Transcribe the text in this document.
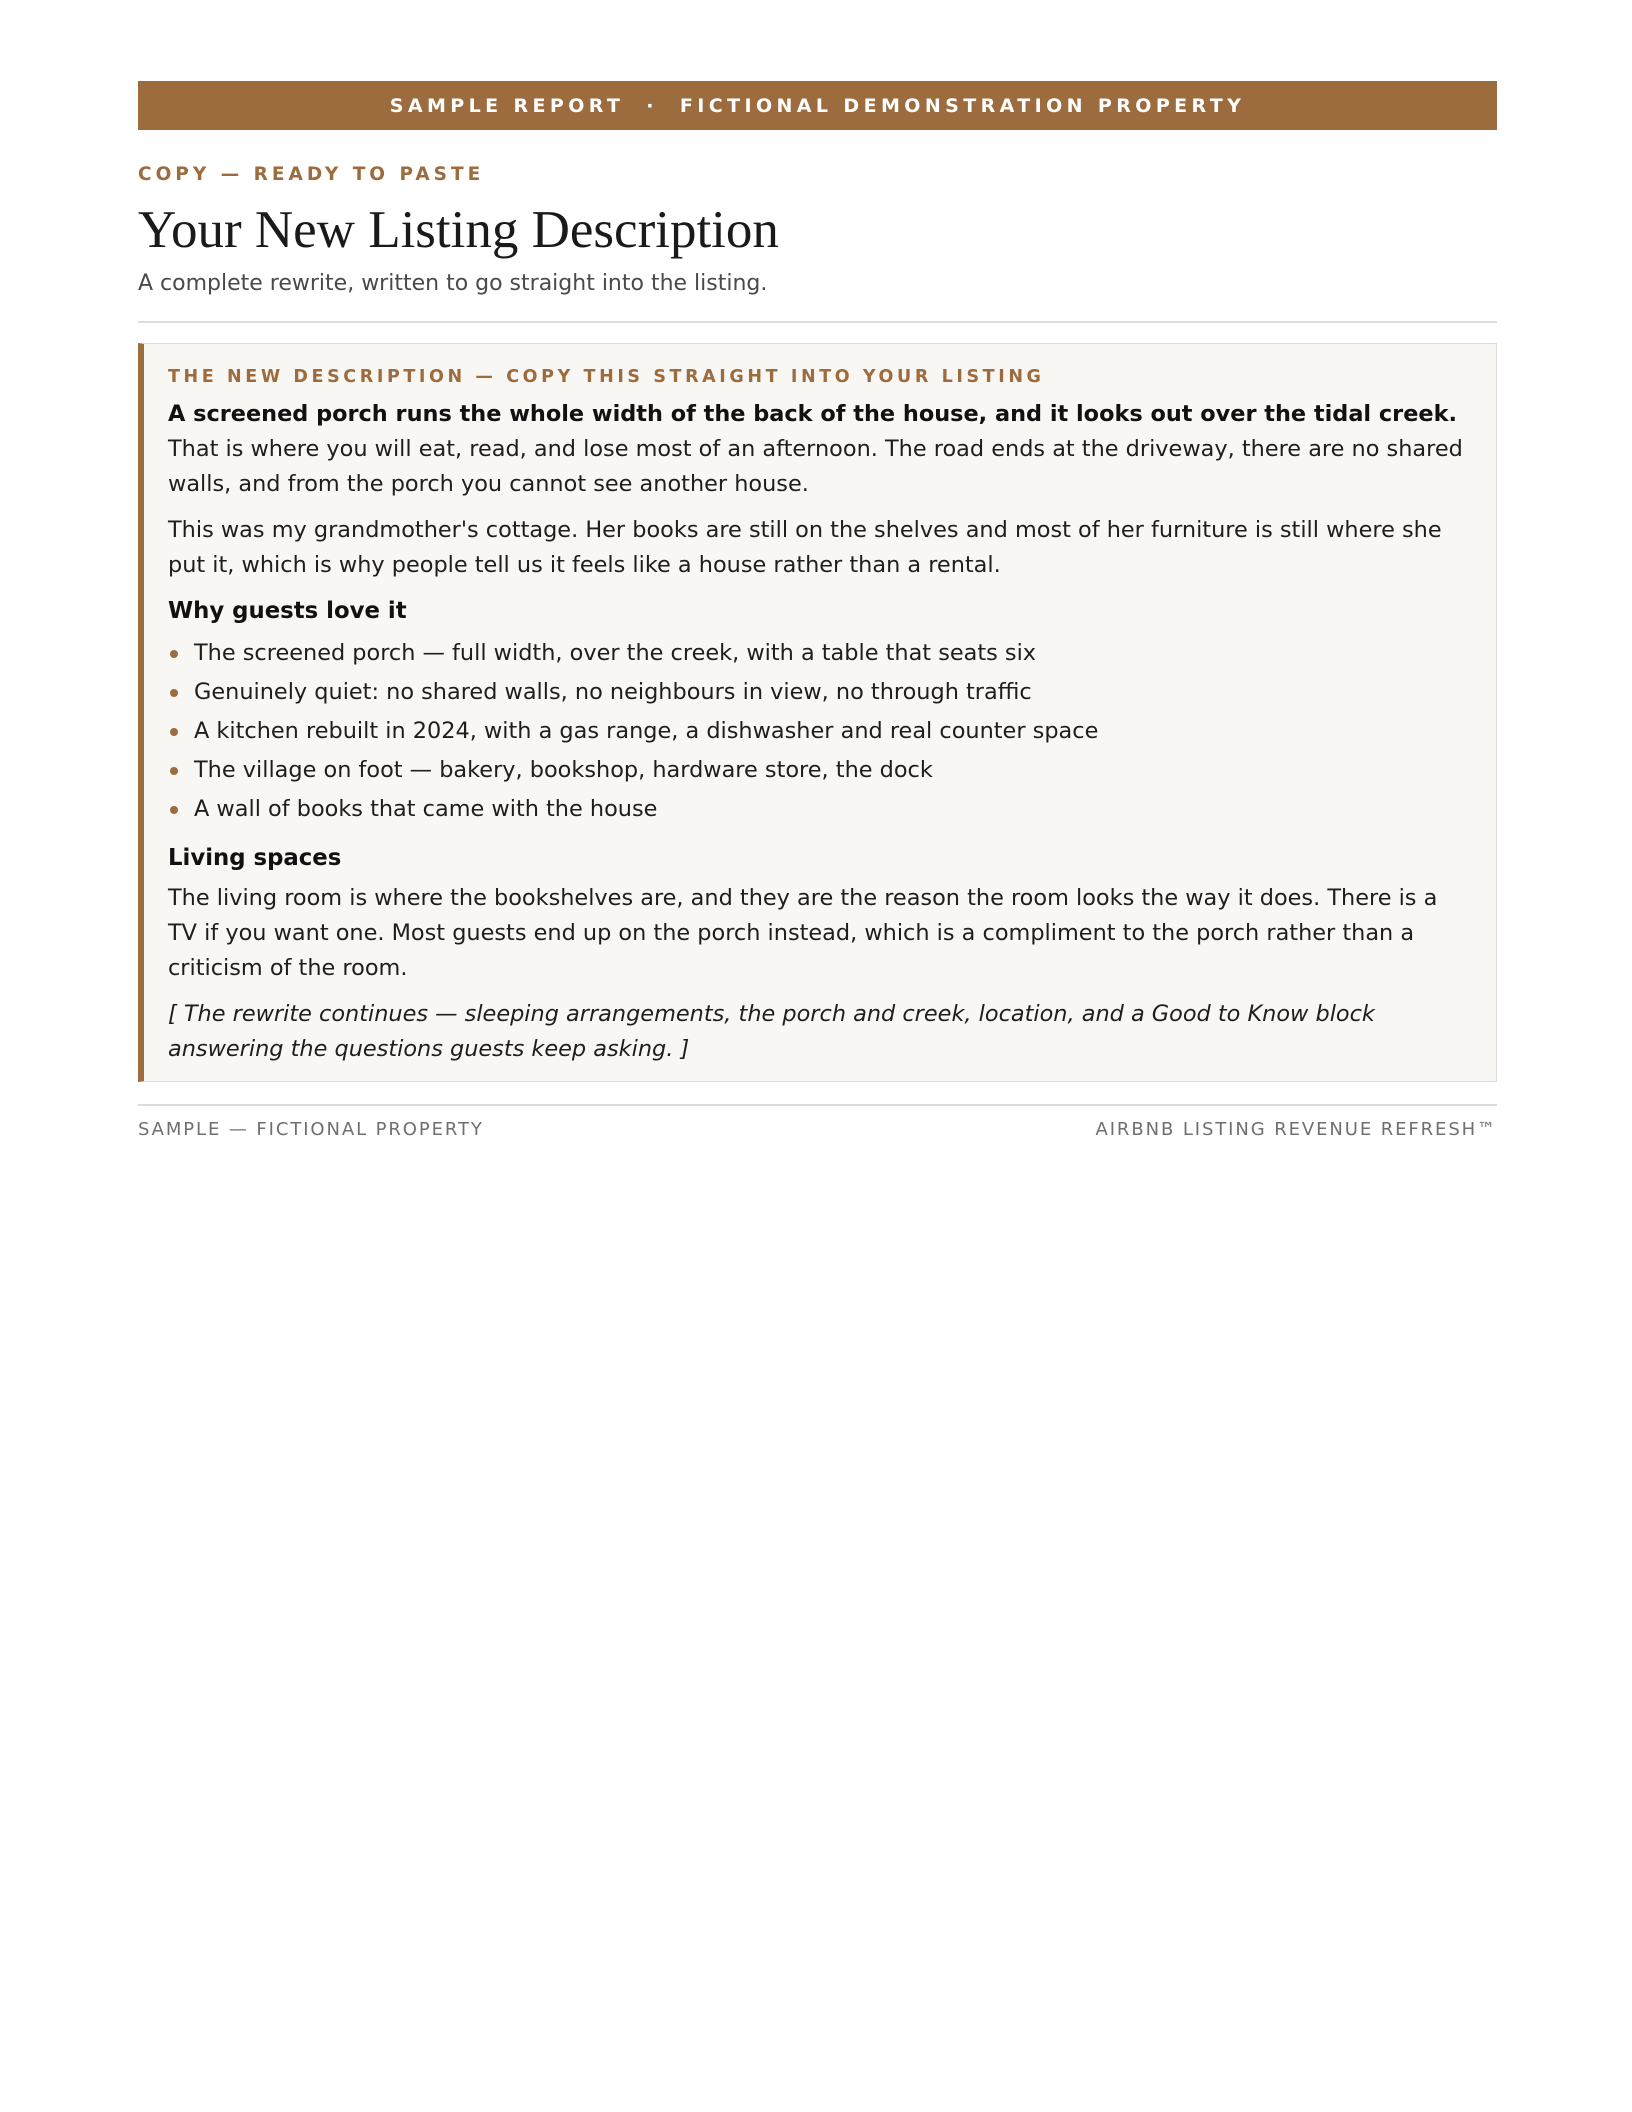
SAMPLE REPORT · FICTIONAL DEMONSTRATION PROPERTY
COPY — READY TO PASTE
Your New Listing Description
A complete rewrite, written to go straight into the listing.
THE NEW DESCRIPTION — COPY THIS STRAIGHT INTO YOUR LISTING

A screened porch runs the whole width of the back of the house, and it looks out over the tidal creek. That is where you will eat, read, and lose most of an afternoon. The road ends at the driveway, there are no shared walls, and from the porch you cannot see another house.

This was my grandmother's cottage. Her books are still on the shelves and most of her furniture is still where she put it, which is why people tell us it feels like a house rather than a rental.

Why guests love it
The screened porch — full width, over the creek, with a table that seats six
Genuinely quiet: no shared walls, no neighbours in view, no through traffic
A kitchen rebuilt in 2024, with a gas range, a dishwasher and real counter space
The village on foot — bakery, bookshop, hardware store, the dock
A wall of books that came with the house
Living spaces

The living room is where the bookshelves are, and they are the reason the room looks the way it does. There is a TV if you want one. Most guests end up on the porch instead, which is a compliment to the porch rather than a criticism of the room.

[ The rewrite continues — sleeping arrangements, the porch and creek, location, and a Good to Know block answering the questions guests keep asking. ]

SAMPLE — FICTIONAL PROPERTY	AIRBNB LISTING REVENUE REFRESH™
